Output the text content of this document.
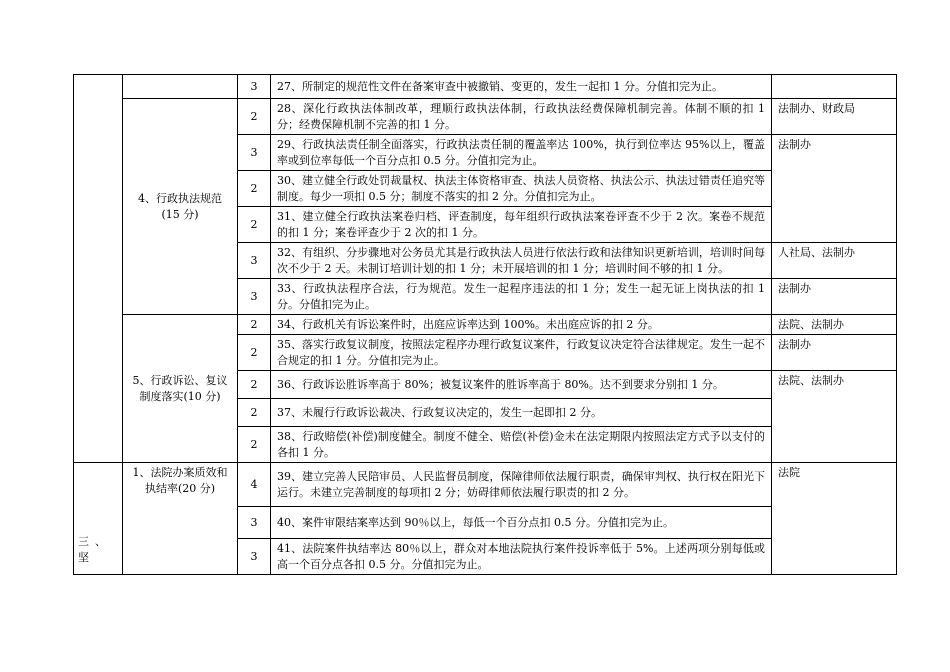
		3	27、所制定的规范性文件在备案审查中被撤销、变更的，发生一起扣 1 分。分值扣完为止。	

	4、行政执法规范
(15 分)	2	28、深化行政执法体制改革，理顺行政执法体制，行政执法经费保障机制完善。体制不顺的扣 1 分；经费保障机制不完善的扣 1 分。	法制办、财政局
		3	29、行政执法责任制全面落实，行政执法责任制的覆盖率达 100%，执行到位率达 95%以上，覆盖率或到位率每低一个百分点扣 0.5 分。分值扣完为止。	法制办
		2	30、建立健全行政处罚裁量权、执法主体资格审查、执法人员资格、执法公示、执法过错责任追究等制度。每少一项扣 0.5 分；制度不落实的扣 2 分。分值扣完为止。	
		2	31、建立健全行政执法案卷归档、评查制度，每年组织行政执法案卷评查不少于 2 次。案卷不规范的扣 1 分；案卷评查少于 2 次的扣 1 分。	
		3	32、有组织、分步骤地对公务员尤其是行政执法人员进行依法行政和法律知识更新培训，培训时间每次不少于 2 天。未制订培训计划的扣 1 分；未开展培训的扣 1 分；培训时间不够的扣 1 分。	人社局、法制办
		3	33、行政执法程序合法，行为规范。发生一起程序违法的扣 1 分；发生一起无证上岗执法的扣 1 分。分值扣完为止。	法制办

	5、行政诉讼、复议
制度落实(10 分)	2	34、行政机关有诉讼案件时，出庭应诉率达到 100%。未出庭应诉的扣 2 分。	法院、法制办
		2	35、落实行政复议制度，按照法定程序办理行政复议案件，行政复议决定符合法律规定。发生一起不合规定的扣 1 分。分值扣完为止。	法制办
		2	36、行政诉讼胜诉率高于 80%；被复议案件的胜诉率高于 80%。达不到要求分别扣 1 分。	法院、法制办
		2	37、未履行行政诉讼裁决、行政复议决定的，发生一起即扣 2 分。	
		2	38、行政赔偿(补偿)制度健全。制度不健全、赔偿(补偿)金未在法定期限内按照法定方式予以支付的各扣 1 分。	
三、 坚	1、法院办案质效和
执结率(20 分)	4	39、建立完善人民陪审员、人民监督员制度，保障律师依法履行职责，确保审判权、执行权在阳光下运行。未建立完善制度的每项扣 2 分；妨碍律师依法履行职责的扣 2 分。	法院
		3	40、案件审限结案率达到 90％以上，每低一个百分点扣 0.5 分。分值扣完为止。	
		3	41、法院案件执结率达 80％以上，群众对本地法院执行案件投诉率低于 5%。上述两项分别每低或高一个百分点各扣 0.5 分。分值扣完为止。	
